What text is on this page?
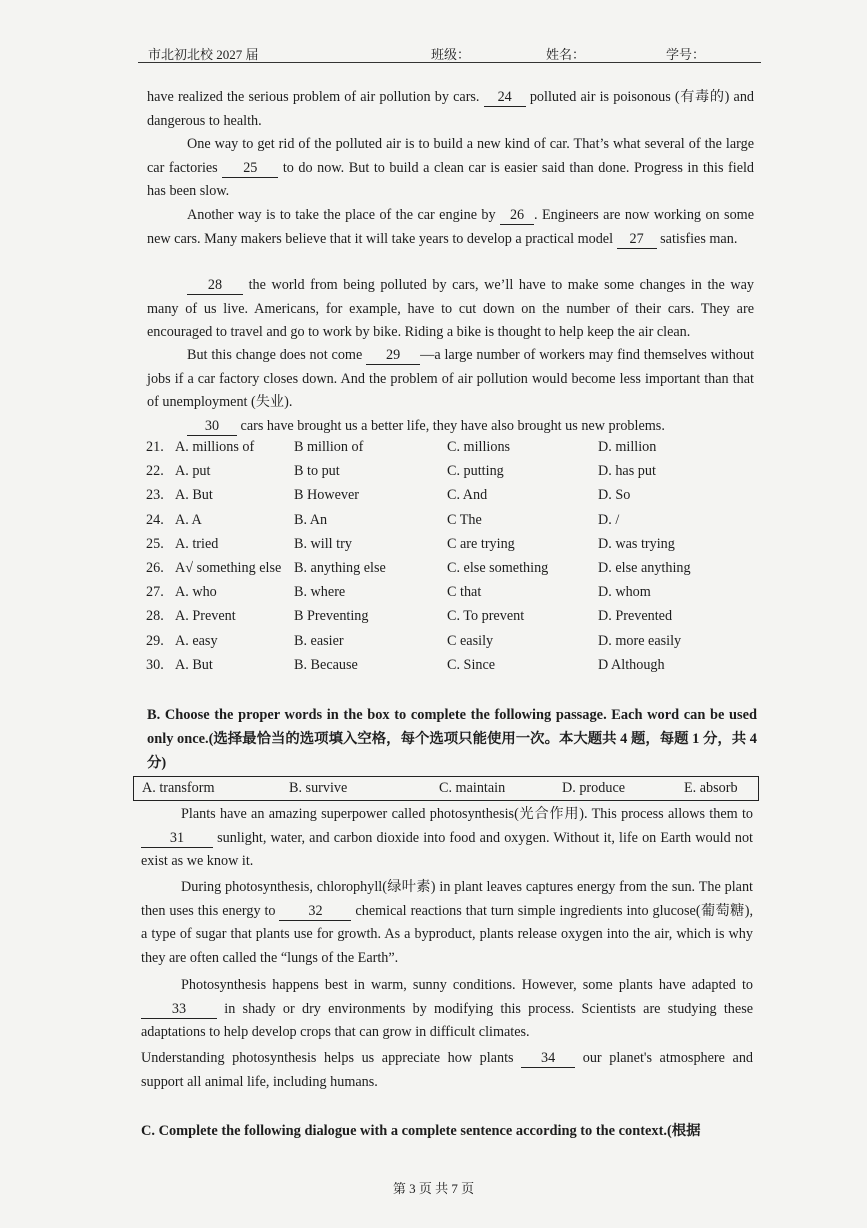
市北初北校 2027 届	班级：	姓名：	学号：
have realized the serious problem of air pollution by cars. 24 polluted air is poisonous (有毒的) and dangerous to health.
One way to get rid of the polluted air is to build a new kind of car. That’s what several of the large car factories 25 to do now. But to build a clean car is easier said than done. Progress in this field has been slow.
Another way is to take the place of the car engine by 26 . Engineers are now working on some new cars. Many makers believe that it will take years to develop a practical model 27 satisfies man.
28 the world from being polluted by cars, we’ll have to make some changes in the way many of us live. Americans, for example, have to cut down on the number of their cars. They are encouraged to travel and go to work by bike. Riding a bike is thought to help keep the air clean.
But this change does not come 29 —a large number of workers may find themselves without jobs if a car factory closes down. And the problem of air pollution would become less important than that of unemployment (失业).
30 cars have brought us a better life, they have also brought us new problems.
21. A. millions of	B million of	C. millions	D. million
22. A. put	B to put	C. putting	D. has put
23. A. But	B However	C. And	D. So
24. A. A	B. An	C The	D. /
25. A. tried	B. will try	C are trying	D. was trying
26. A√ something else B. anything else	C. else something	D. else anything
27. A. who	B. where	C that	D. whom
28. A. Prevent	B Preventing	C. To prevent	D. Prevented
29. A. easy	B. easier	C easily	D. more easily
30. A. But	B. Because	C. Since	D Although
B. Choose the proper words in the box to complete the following passage. Each word can be used only once.(选择最恰当的选项填入空格，每个选项只能使用一次。本大题共 4 题，每题 1 分，共 4 分)
A. transform	B. survive	C. maintain	D. produce	E. absorb
Plants have an amazing superpower called photosynthesis(光合作用). This process allows them to 31 sunlight, water, and carbon dioxide into food and oxygen. Without it, life on Earth would not exist as we know it.
During photosynthesis, chlorophyll(绿叶素) in plant leaves captures energy from the sun. The plant then uses this energy to 32 chemical reactions that turn simple ingredients into glucose(葡萄糖), a type of sugar that plants use for growth. As a byproduct, plants release oxygen into the air, which is why they are often called the “lungs of the Earth”.
Photosynthesis happens best in warm, sunny conditions. However, some plants have adapted to 33	in shady or dry environments by modifying this process. Scientists are studying these adaptations to help develop crops that can grow in difficult climates.
Understanding photosynthesis helps us appreciate how plants 34 our planet's atmosphere and support all animal life, including humans.
C. Complete the following dialogue with a complete sentence according to the context.(根据
第 3 页 共 7 页
